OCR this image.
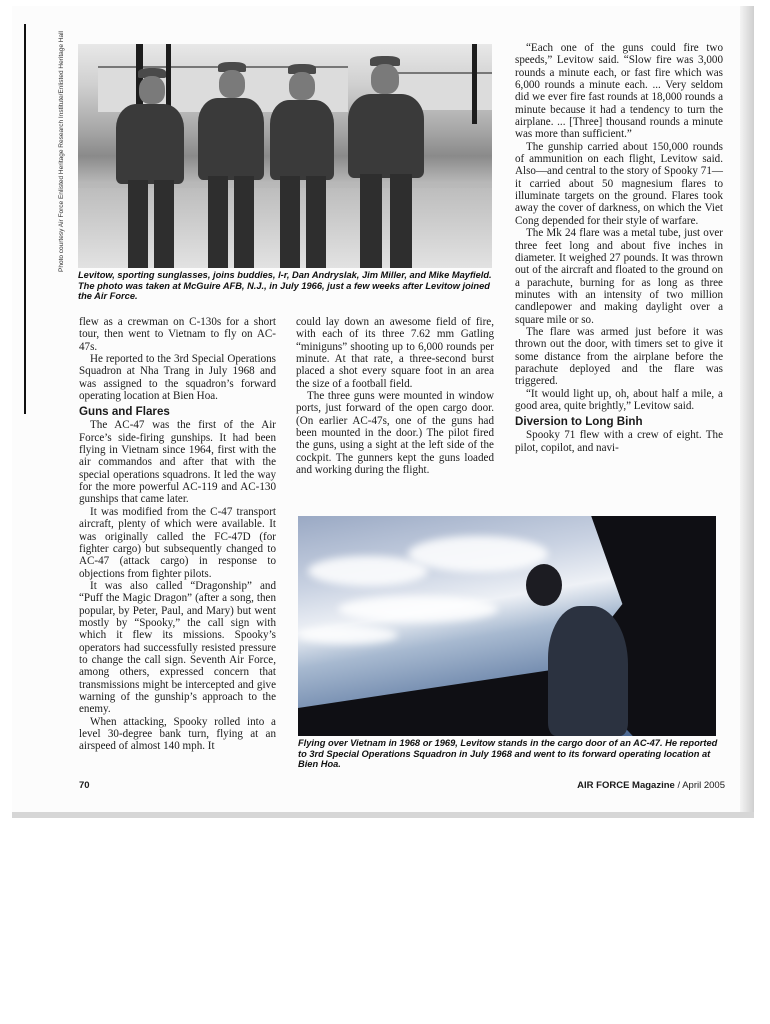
Photo courtesy Air Force Enlisted Heritage Research Institute/Enlisted Heritage Hall
Levitow, sporting sunglasses, joins buddies, l-r, Dan Andryslak, Jim Miller, and Mike Mayfield. The photo was taken at McGuire AFB, N.J., in July 1966, just a few weeks after Levitow joined the Air Force.

flew as a crewman on C-130s for a short tour, then went to Vietnam to fly on AC-47s.

He reported to the 3rd Special Operations Squadron at Nha Trang in July 1968 and was assigned to the squadron’s forward operating location at Bien Hoa.

Guns and Flares

The AC-47 was the first of the Air Force’s side-firing gunships. It had been flying in Vietnam since 1964, first with the air commandos and after that with the special operations squadrons. It led the way for the more powerful AC-119 and AC-130 gunships that came later.

It was modified from the C-47 transport aircraft, plenty of which were available. It was originally called the FC-47D (for fighter cargo) but subsequently changed to AC-47 (attack cargo) in response to objections from fighter pilots.

It was also called “Dragonship” and “Puff the Magic Dragon” (after a song, then popular, by Peter, Paul, and Mary) but went mostly by “Spooky,” the call sign with which it flew its missions. Spooky’s operators had successfully resisted pressure to change the call sign. Seventh Air Force, among others, expressed concern that transmissions might be intercepted and give warning of the gunship’s approach to the enemy.

When attacking, Spooky rolled into a level 30-degree bank turn, flying at an airspeed of almost 140 mph. It

could lay down an awesome field of fire, with each of its three 7.62 mm Gatling “miniguns” shooting up to 6,000 rounds per minute. At that rate, a three-second burst placed a shot every square foot in an area the size of a football field.

The three guns were mounted in window ports, just forward of the open cargo door. (On earlier AC-47s, one of the guns had been mounted in the door.) The pilot fired the guns, using a sight at the left side of the cockpit. The gunners kept the guns loaded and working during the flight.

“Each one of the guns could fire two speeds,” Levitow said. “Slow fire was 3,000 rounds a minute each, or fast fire which was 6,000 rounds a minute each. ... Very seldom did we ever fire fast rounds at 18,000 rounds a minute because it had a tendency to turn the airplane. ... [Three] thousand rounds a minute was more than sufficient.”

The gunship carried about 150,000 rounds of ammunition on each flight, Levitow said. Also—and central to the story of Spooky 71—it carried about 50 magnesium flares to illuminate targets on the ground. Flares took away the cover of darkness, on which the Viet Cong depended for their style of warfare.

The Mk 24 flare was a metal tube, just over three feet long and about five inches in diameter. It weighed 27 pounds. It was thrown out of the aircraft and floated to the ground on a parachute, burning for as long as three minutes with an intensity of two million candlepower and making daylight over a square mile or so.

The flare was armed just before it was thrown out the door, with timers set to give it some distance from the airplane before the parachute deployed and the flare was triggered.

“It would light up, oh, about half a mile, a good area, quite brightly,” Levitow said.

Diversion to Long Binh

Spooky 71 flew with a crew of eight. The pilot, copilot, and navi-

Flying over Vietnam in 1968 or 1969, Levitow stands in the cargo door of an AC-47. He reported to 3rd Special Operations Squadron in July 1968 and went to its forward operating location at Bien Hoa.
70	AIR FORCE Magazine / April 2005
